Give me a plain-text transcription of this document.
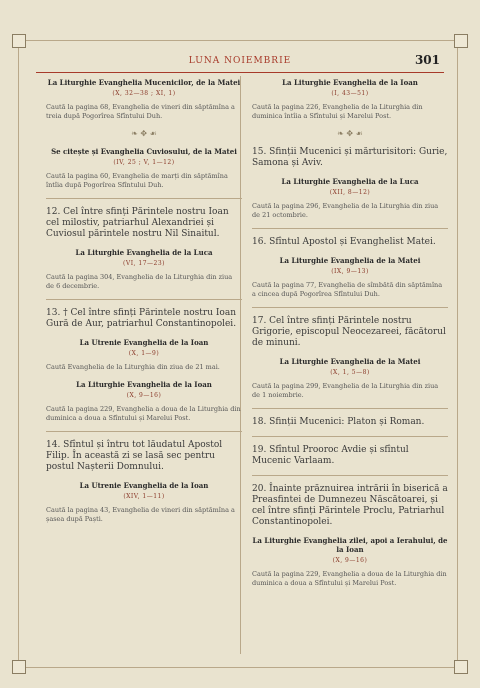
LUNA NOIEMBRIE	301
La Liturghie Evanghelia Mucenicilor, de la Matei
(X, 32—38 ; XI, 1)
Caută la pagina 68, Evanghelia de vineri din săptămîna a treia după Pogorîrea Sfîntului Duh.
❧ ✥ ☙
Se citește și Evanghelia Cuviosului, de la Matei
(IV, 25 ; V, 1—12)
Caută la pagina 60, Evanghelia de marți din săptămîna întîia după Pogorîrea Sfîntului Duh.
12. Cel între sfinți Părintele nostru Ioan cel milostiv, patriarhul Alexandriei și Cuviosul părintele nostru Nil Sinaitul.
La Liturghie Evanghelia de la Luca
(VI, 17—23)
Caută la pagina 304, Evanghelia de la Liturghia din ziua de 6 decembrie.
13. † Cel între sfinți Părintele nostru Ioan Gură de Aur, patriarhul Constantinopolei.
La Utrenie Evanghelia de la Ioan
(X, 1—9)
Caută Evanghelia de la Liturghia din ziua de 21 mai.
La Liturghie Evanghelia de la Ioan
(X, 9—16)
Caută la pagina 229, Evanghelia a doua de la Liturghia din duminica a doua a Sfîntului și Marelui Post.
14. Sfîntul și întru tot lăudatul Apostol Filip. În această zi se lasă sec pentru postul Nașterii Domnului.
La Utrenie Evanghelia de la Ioan
(XIV, 1—11)
Caută la pagina 43, Evanghelia de vineri din săptămîna a șasea după Paști.
La Liturghie Evanghelia de la Ioan
(I, 43—51)
Caută la pagina 226, Evanghelia de la Liturghia din duminica întîia a Sfîntului și Marelui Post.
❧ ✥ ☙
15. Sfinții Mucenici și mărturisitori: Gurie, Samona și Aviv.
La Liturghie Evanghelia de la Luca
(XII, 8—12)
Caută la pagina 296, Evanghelia de la Liturghia din ziua de 21 octombrie.
16. Sfîntul Apostol și Evanghelist Matei.
La Liturghie Evanghelia de la Matei
(IX, 9—13)
Caută la pagina 77, Evanghelia de sîmbătă din săptămîna a cincea după Pogorîrea Sfîntului Duh.
17. Cel între sfinți Părintele nostru Grigorie, episcopul Neocezareei, făcătorul de minuni.
La Liturghie Evanghelia de la Matei
(X, 1, 5—8)
Caută la pagina 299, Evanghelia de la Liturghia din ziua de 1 noiembrie.
18. Sfinții Mucenici: Platon și Roman.
19. Sfîntul Prooroc Avdie și sfîntul Mucenic Varlaam.
20. Înainte prăznuirea intrării în biserică a Preasfintei de Dumnezeu Născătoarei, și cel între sfinți Părintele Proclu, Patriarhul Constantinopolei.
La Liturghie Evanghelia zilei, apoi a Ierahului, de la Ioan
(X, 9—16)
Caută la pagina 229, Evanghelia a doua de la Liturghia din duminica a doua a Sfîntului și Marelui Post.
